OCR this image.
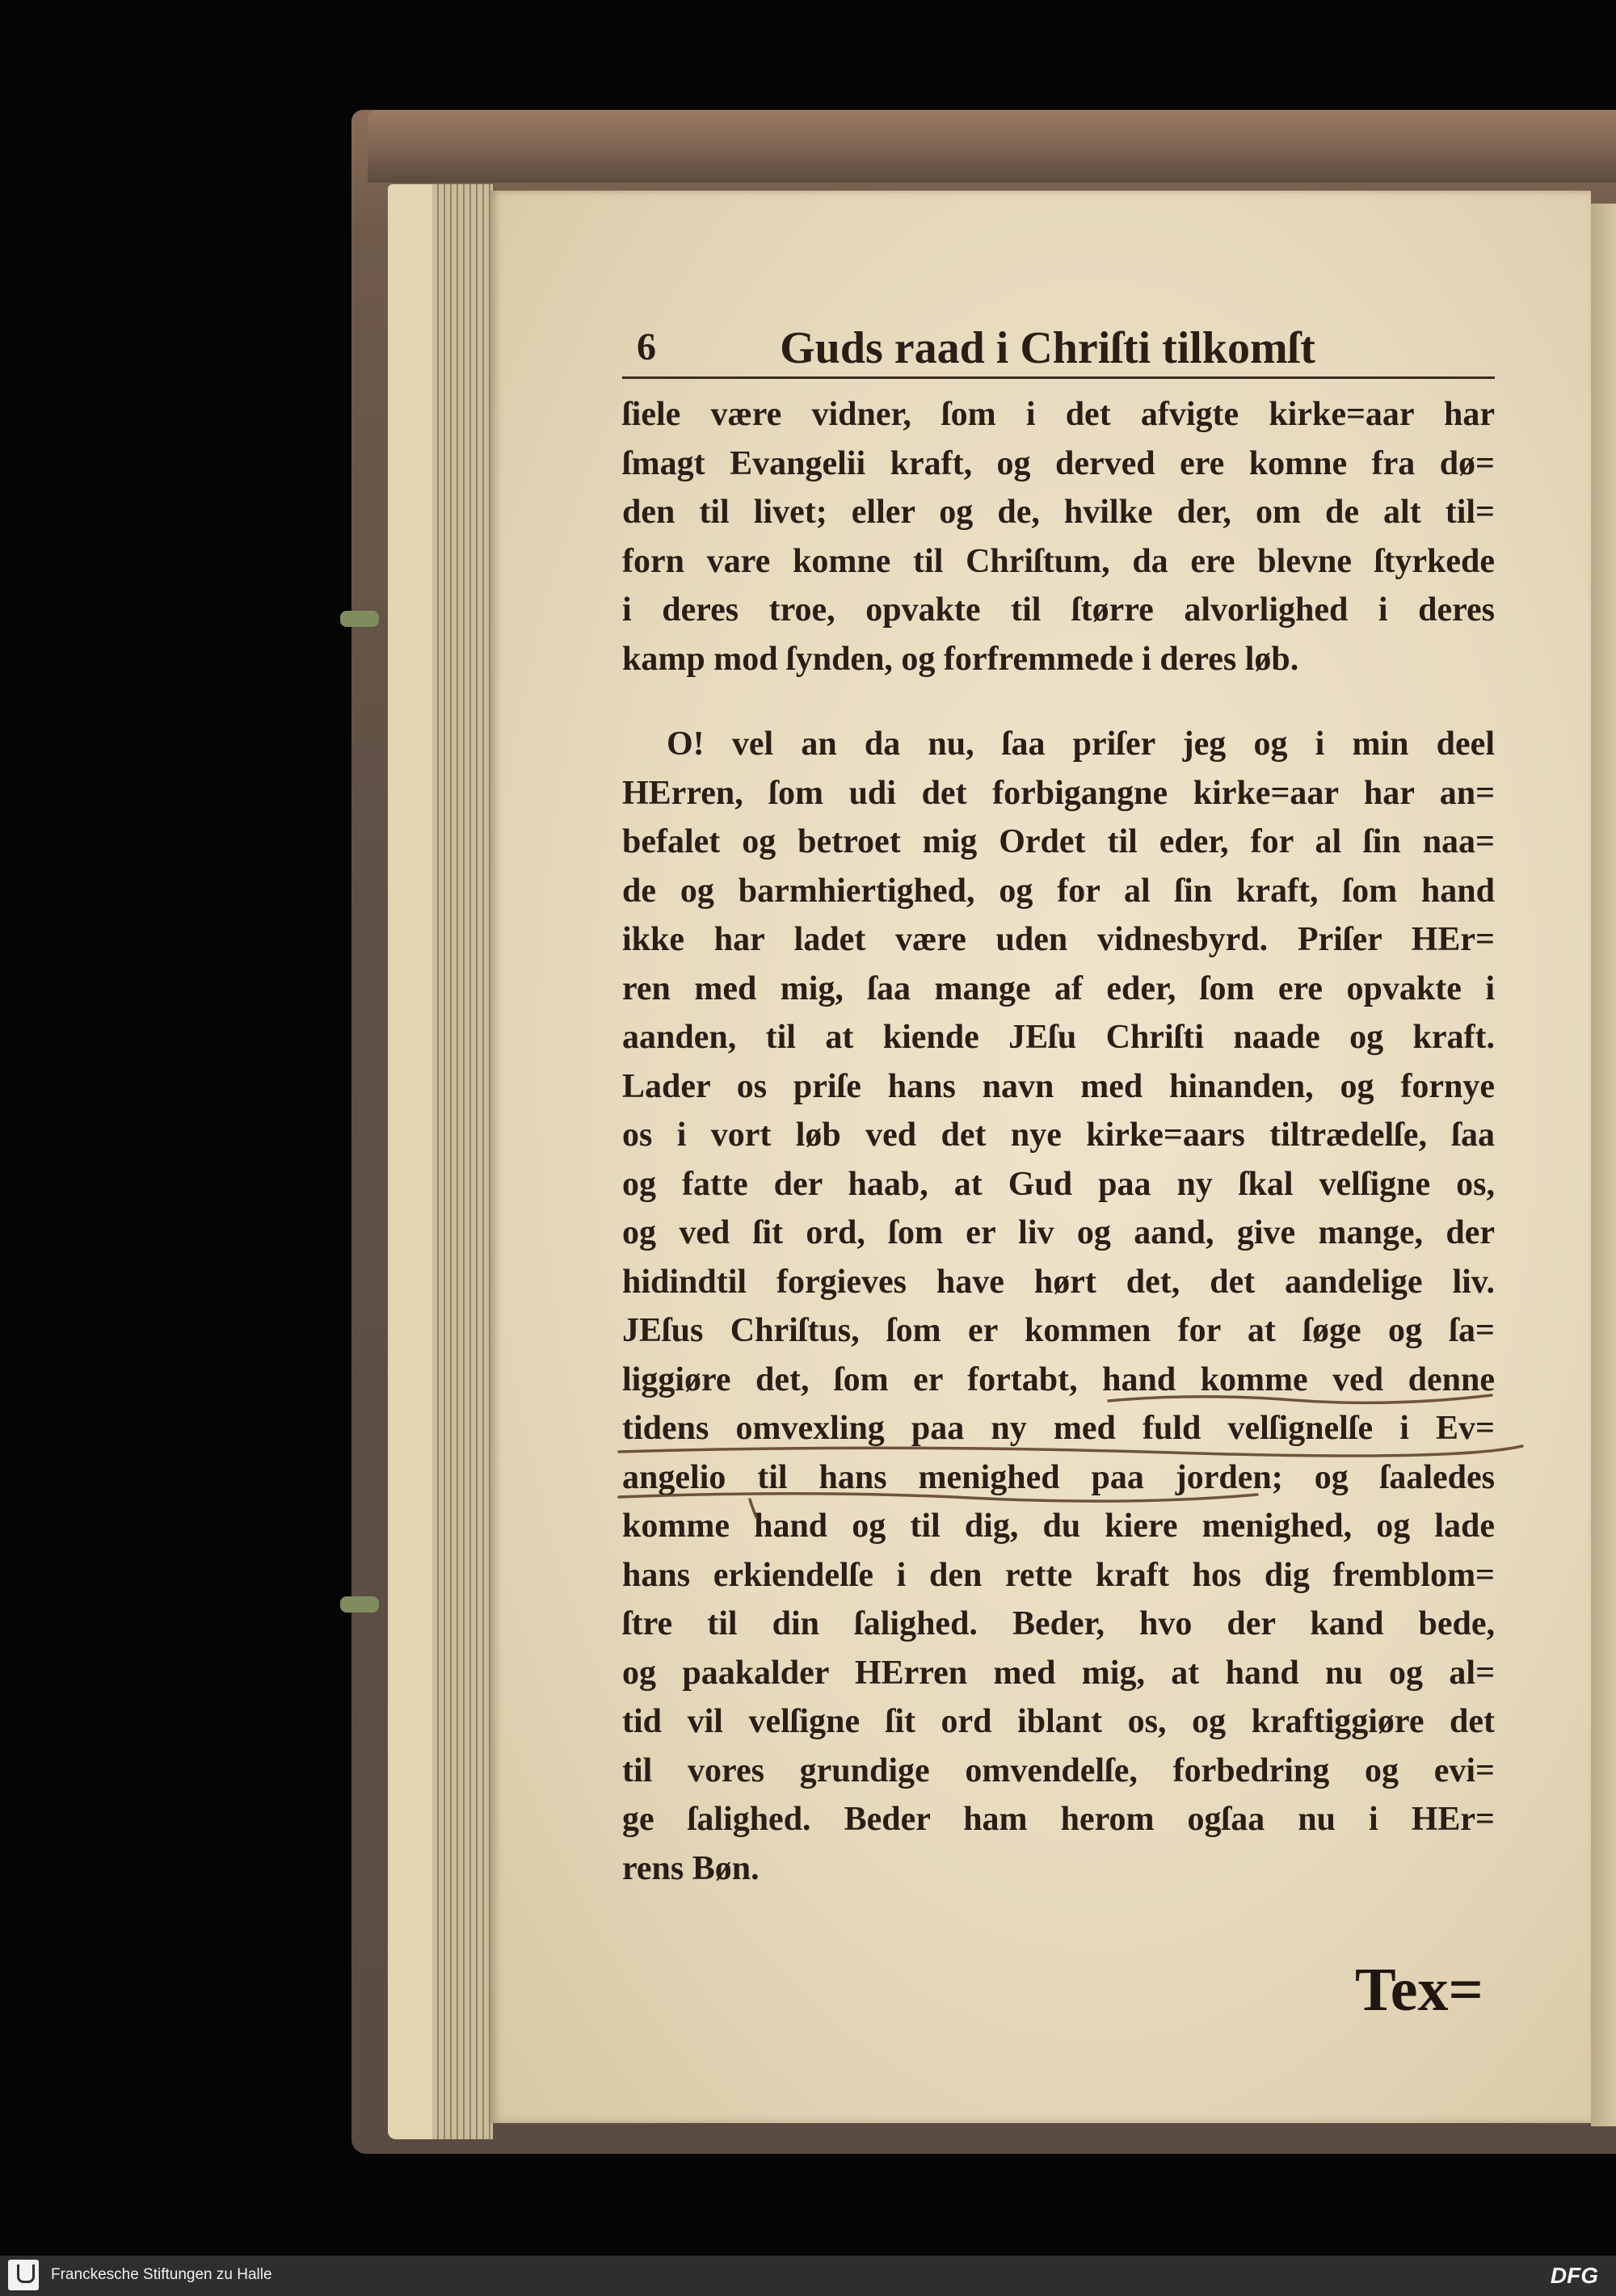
6	Guds raad i Chriſti tilkomſt
ſiele være vidner, ſom i det afvigte kirke=aar har
ſmagt Evangelii kraft, og derved ere komne fra dø=
den til livet; eller og de, hvilke der, om de alt til=
forn vare komne til Chriſtum, da ere blevne ſtyrkede
i deres troe, opvakte til ſtørre alvorlighed i deres
kamp mod ſynden, og forfremmede i deres løb.
O! vel an da nu, ſaa priſer jeg og i min deel
HErren, ſom udi det forbigangne kirke=aar har an=
befalet og betroet mig Ordet til eder, for al ſin naa=
de og barmhiertighed, og for al ſin kraft, ſom hand
ikke har ladet være uden vidnesbyrd. Priſer HEr=
ren med mig, ſaa mange af eder, ſom ere opvakte i
aanden, til at kiende JEſu Chriſti naade og kraft.
Lader os priſe hans navn med hinanden, og fornye
os i vort løb ved det nye kirke=aars tiltrædelſe, ſaa
og fatte der haab, at Gud paa ny ſkal velſigne os,
og ved ſit ord, ſom er liv og aand, give mange, der
hidindtil forgieves have hørt det, det aandelige liv.
JEſus Chriſtus, ſom er kommen for at ſøge og ſa=
liggiøre det, ſom er fortabt, hand komme ved denne
tidens omvexling paa ny med fuld velſignelſe i Ev=
angelio til hans menighed paa jorden; og ſaaledes
komme hand og til dig, du kiere menighed, og lade
hans erkiendelſe i den rette kraft hos dig fremblom=
ſtre til din ſalighed. Beder, hvo der kand bede,
og paakalder HErren med mig, at hand nu og al=
tid vil velſigne ſit ord iblant os, og kraftiggiøre det
til vores grundige omvendelſe, forbedring og evi=
ge ſalighed. Beder ham herom ogſaa nu i HEr=
rens Bøn.
Tex=
Franckesche Stiftungen zu Halle	DFG
